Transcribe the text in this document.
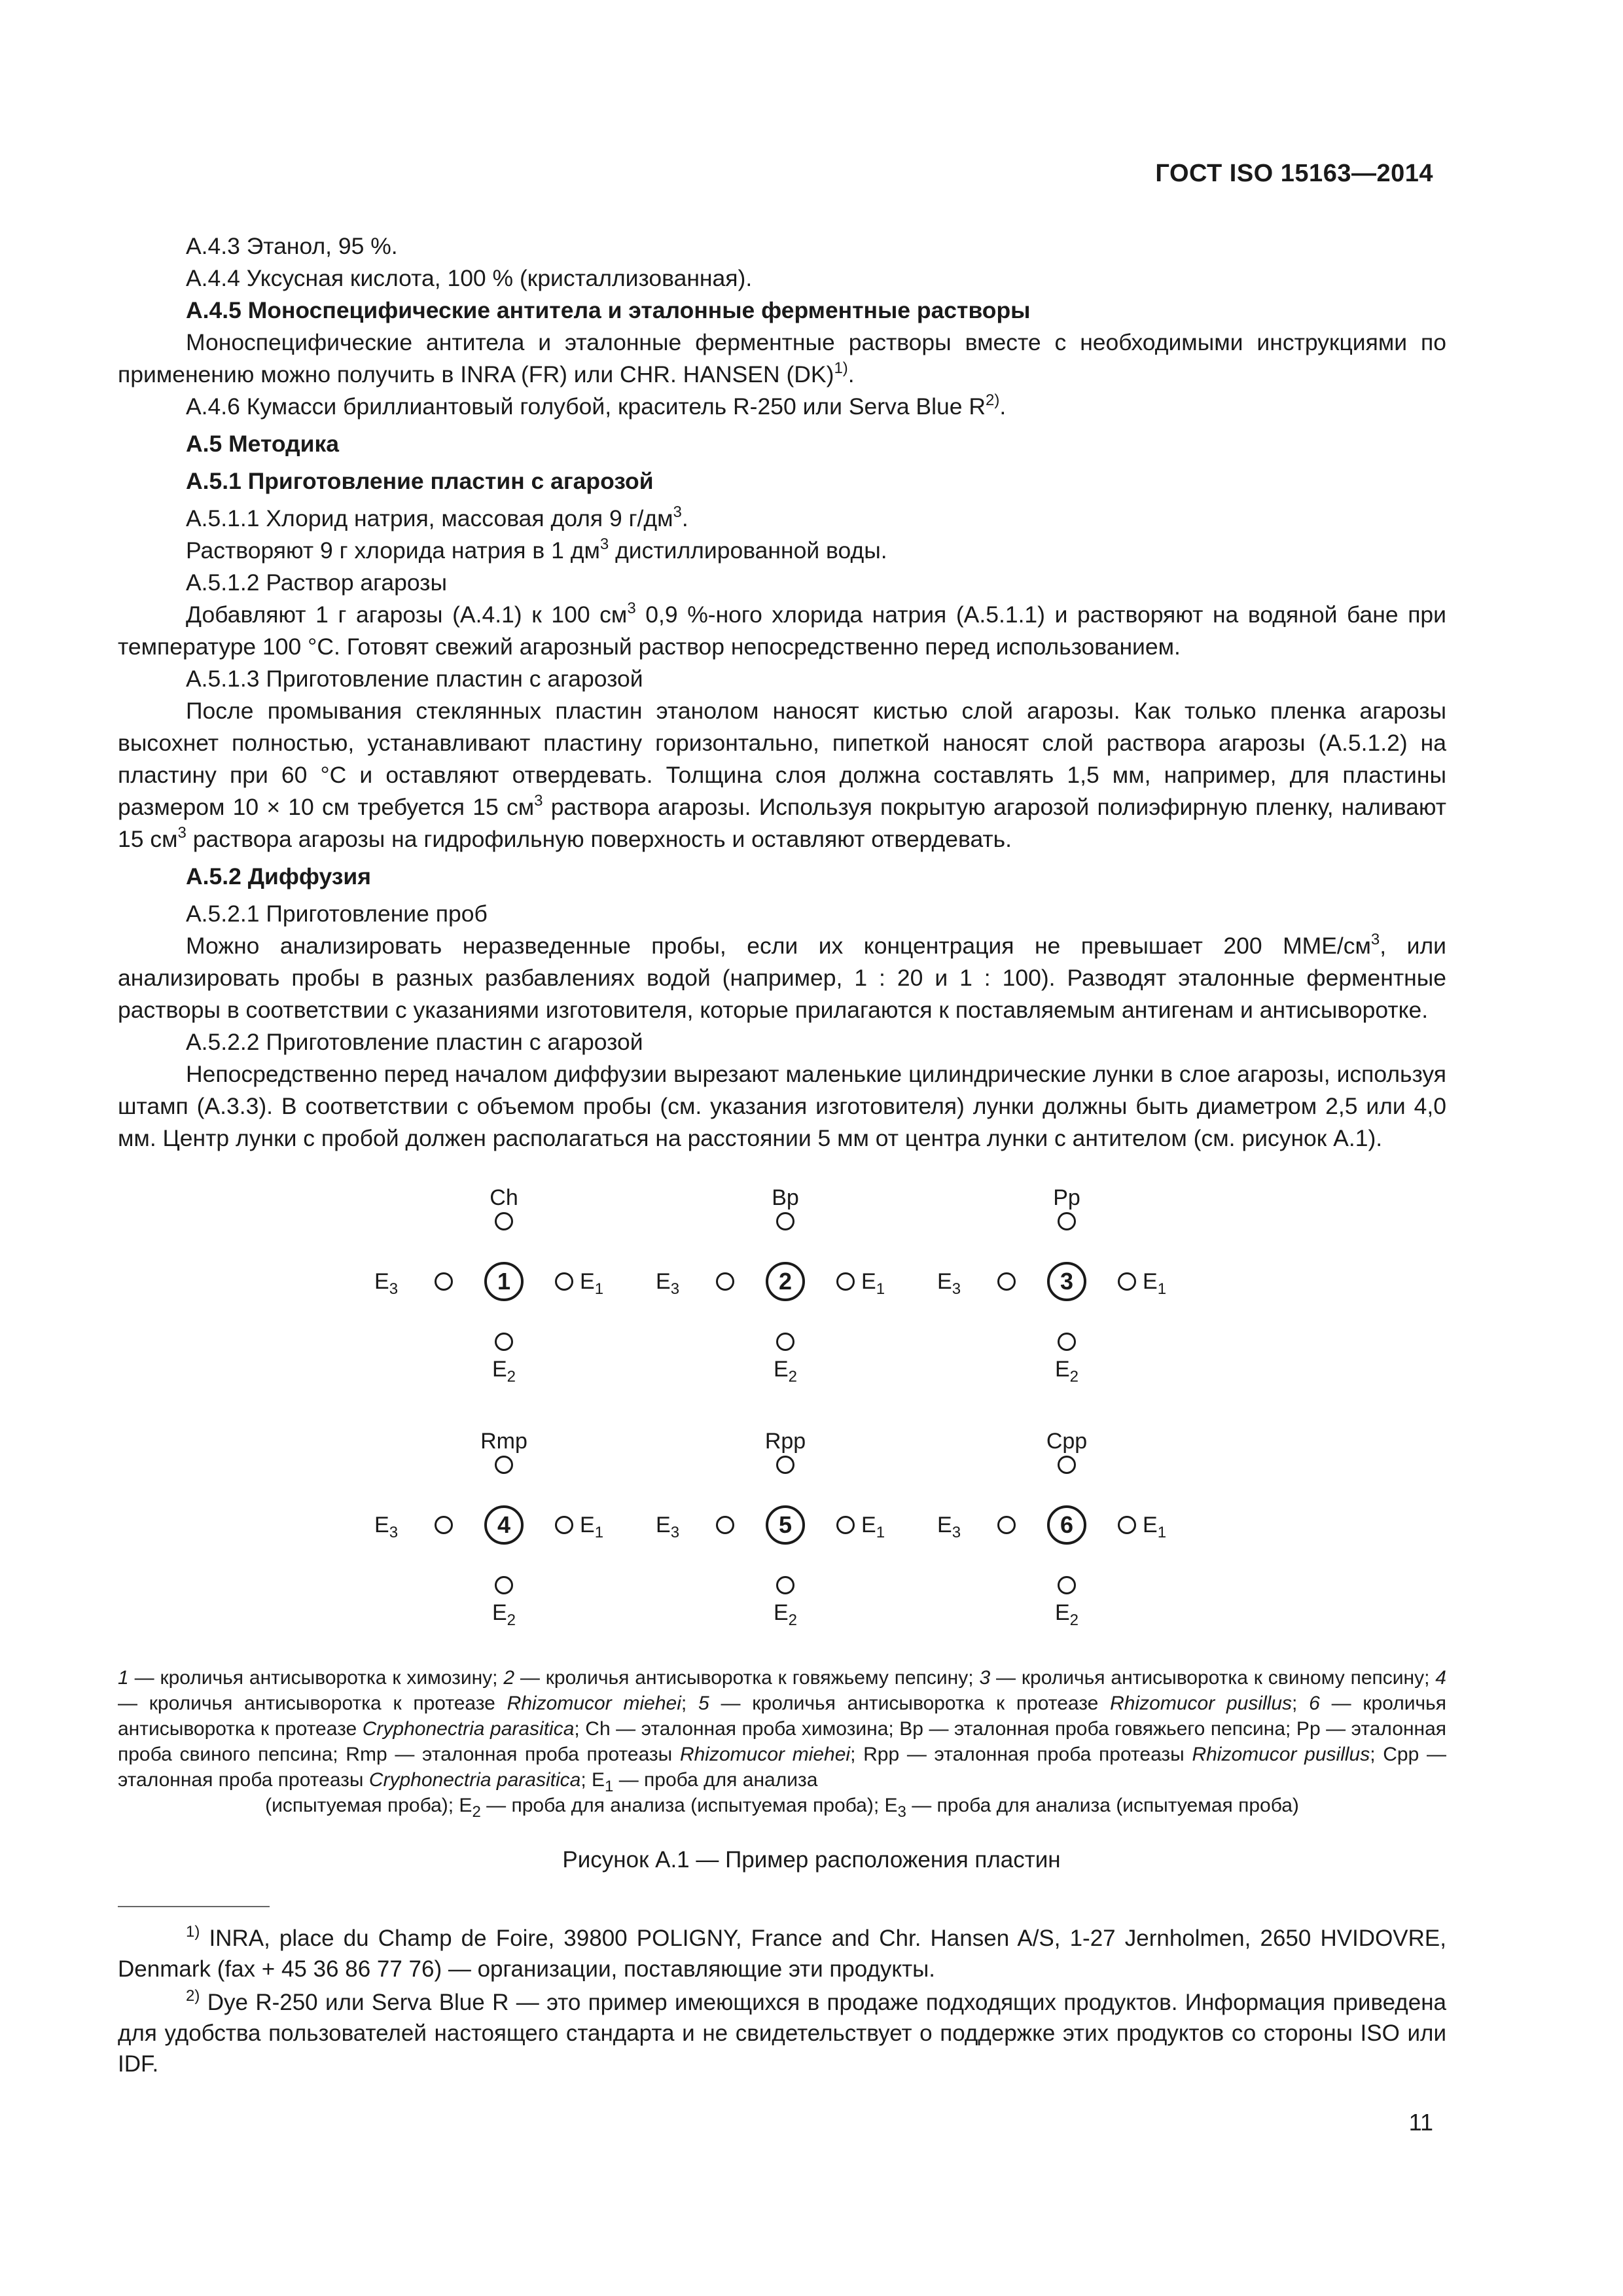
ГОСТ ISO 15163—2014

А.4.3 Этанол, 95 %.

А.4.4 Уксусная кислота, 100 % (кристаллизованная).

А.4.5 Моноспецифические антитела и эталонные ферментные растворы

Моноспецифические антитела и эталонные ферментные растворы вместе с необходимыми инструкциями по применению можно получить в INRA (FR) или CHR. HANSEN (DK)$^{1)}$.

А.4.6 Кумасси бриллиантовый голубой, краситель R-250 или Serva Blue $R^{2)}$.

А.5 Методика

А.5.1 Приготовление пластин с агарозой

А.5.1.1 Хлорид натрия, массовая доля 9 $г/дм^3$.

Растворяют 9 г хлорида натрия в 1 $дм^3$ дистиллированной воды.

А.5.1.2 Раствор агарозы

Добавляют 1 г агарозы (А.4.1) к 100 $см^3$ 0,9 %-ного хлорида натрия (А.5.1.1) и растворяют на водяной бане при температуре 100 °С. Готовят свежий агарозный раствор непосредственно перед использованием.

А.5.1.3 Приготовление пластин с агарозой

После промывания стеклянных пластин этанолом наносят кистью слой агарозы. Как только пленка агарозы высохнет полностью, устанавливают пластину горизонтально, пипеткой наносят слой раствора агарозы (А.5.1.2) на пластину при 60 °С и оставляют отвердевать. Толщина слоя должна составлять 1,5 мм, например, для пластины размером 10 × 10 см требуется 15 $см^3$ раствора агарозы. Используя покрытую агарозой полиэфирную пленку, наливают 15 $см^3$ раствора агарозы на гидрофильную поверхность и оставляют отвердевать.

А.5.2 Диффузия

А.5.2.1 Приготовление проб

Можно анализировать неразведенные пробы, если их концентрация не превышает 200 ММЕ/$см^3$, или анализировать пробы в разных разбавлениях водой (например, 1 : 20 и 1 : 100). Разводят эталонные ферментные растворы в соответствии с указаниями изготовителя, которые прилагаются к поставляемым антигенам и антисыворотке.

А.5.2.2 Приготовление пластин с агарозой

Непосредственно перед началом диффузии вырезают маленькие цилиндрические лунки в слое агарозы, используя штамп (А.3.3). В соответствии с объемом пробы (см. указания изготовителя) лунки должны быть диаметром 2,5 или 4,0 мм. Центр лунки с пробой должен располагаться на расстоянии 5 мм от центра лунки с антителом (см. рисунок А.1).

Ch
$E_3$	1	$E_1$
$E_2$
Bp
$E_3$	2	$E_1$
$E_2$
Pp
$E_3$	3	$E_1$
$E_2$
Rmp
$E_3$	4	$E_1$
$E_2$
Rpp
$E_3$	5	$E_1$
$E_2$
Cpp
$E_3$	6	$E_1$
$E_2$
1 — кроличья антисыворотка к химозину; 2 — кроличья антисыворотка к говяжьему пепсину; 3 — кроличья антисыворотка к свиному пепсину; 4 — кроличья антисыворотка к протеазе Rhizomucor miehei; 5 — кроличья антисыворотка к протеазе Rhizomucor pusillus; 6 — кроличья антисыворотка к протеазе Cryphonectria parasitica; Ch — эталонная проба химозина; Bp — эталонная проба говяжьего пепсина; Pp — эталонная проба свиного пепсина; Rmp — эталонная проба протеазы Rhizomucor miehei; Rpp — эталонная проба протеазы Rhizomucor pusillus; Cpp — эталонная проба протеазы Cryphonectria parasitica; $E_1$ — проба для анализа
(испытуемая проба); $E_2$ — проба для анализа (испытуемая проба); $E_3$ — проба для анализа (испытуемая проба)
Рисунок А.1 — Пример расположения пластин

$^{1)}$ INRA, place du Champ de Foire, 39800 POLIGNY, France and Chr. Hansen A/S, 1-27 Jernholmen, 2650 HVIDOVRE, Denmark (fax + 45 36 86 77 76) — организации, поставляющие эти продукты.

$^{2)}$ Dye R-250 или Serva Blue R — это пример имеющихся в продаже подходящих продуктов. Информация приведена для удобства пользователей настоящего стандарта и не свидетельствует о поддержке этих продуктов со стороны ISO или IDF.

11
